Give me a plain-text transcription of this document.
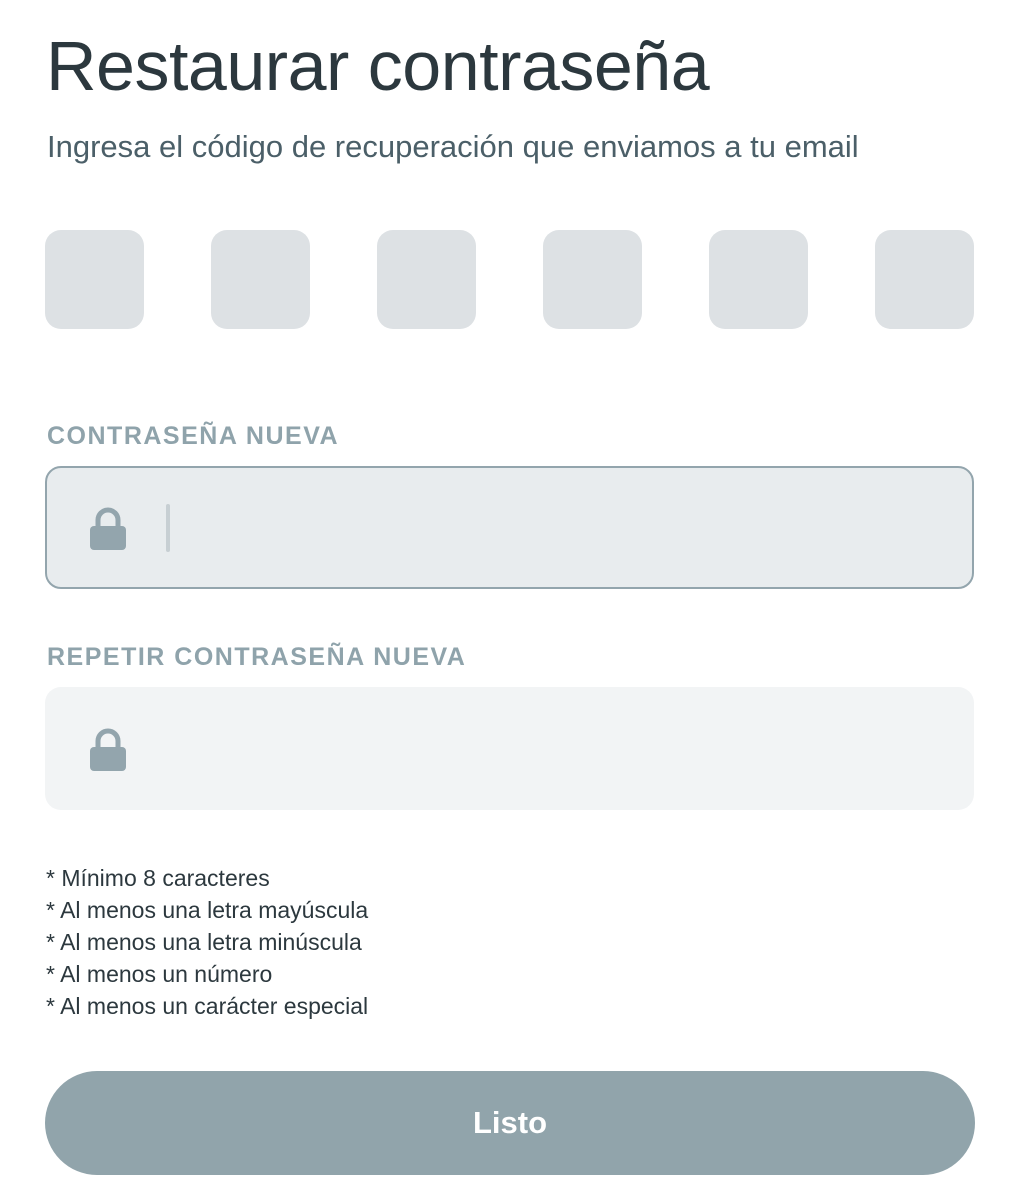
Restaurar contraseña

Ingresa el código de recuperación que enviamos a tu email

CONTRASEÑA NUEVA
REPETIR CONTRASEÑA NUEVA
* Mínimo 8 caracteres
* Al menos una letra mayúscula
* Al menos una letra minúscula
* Al menos un número
* Al menos un carácter especial
Listo
